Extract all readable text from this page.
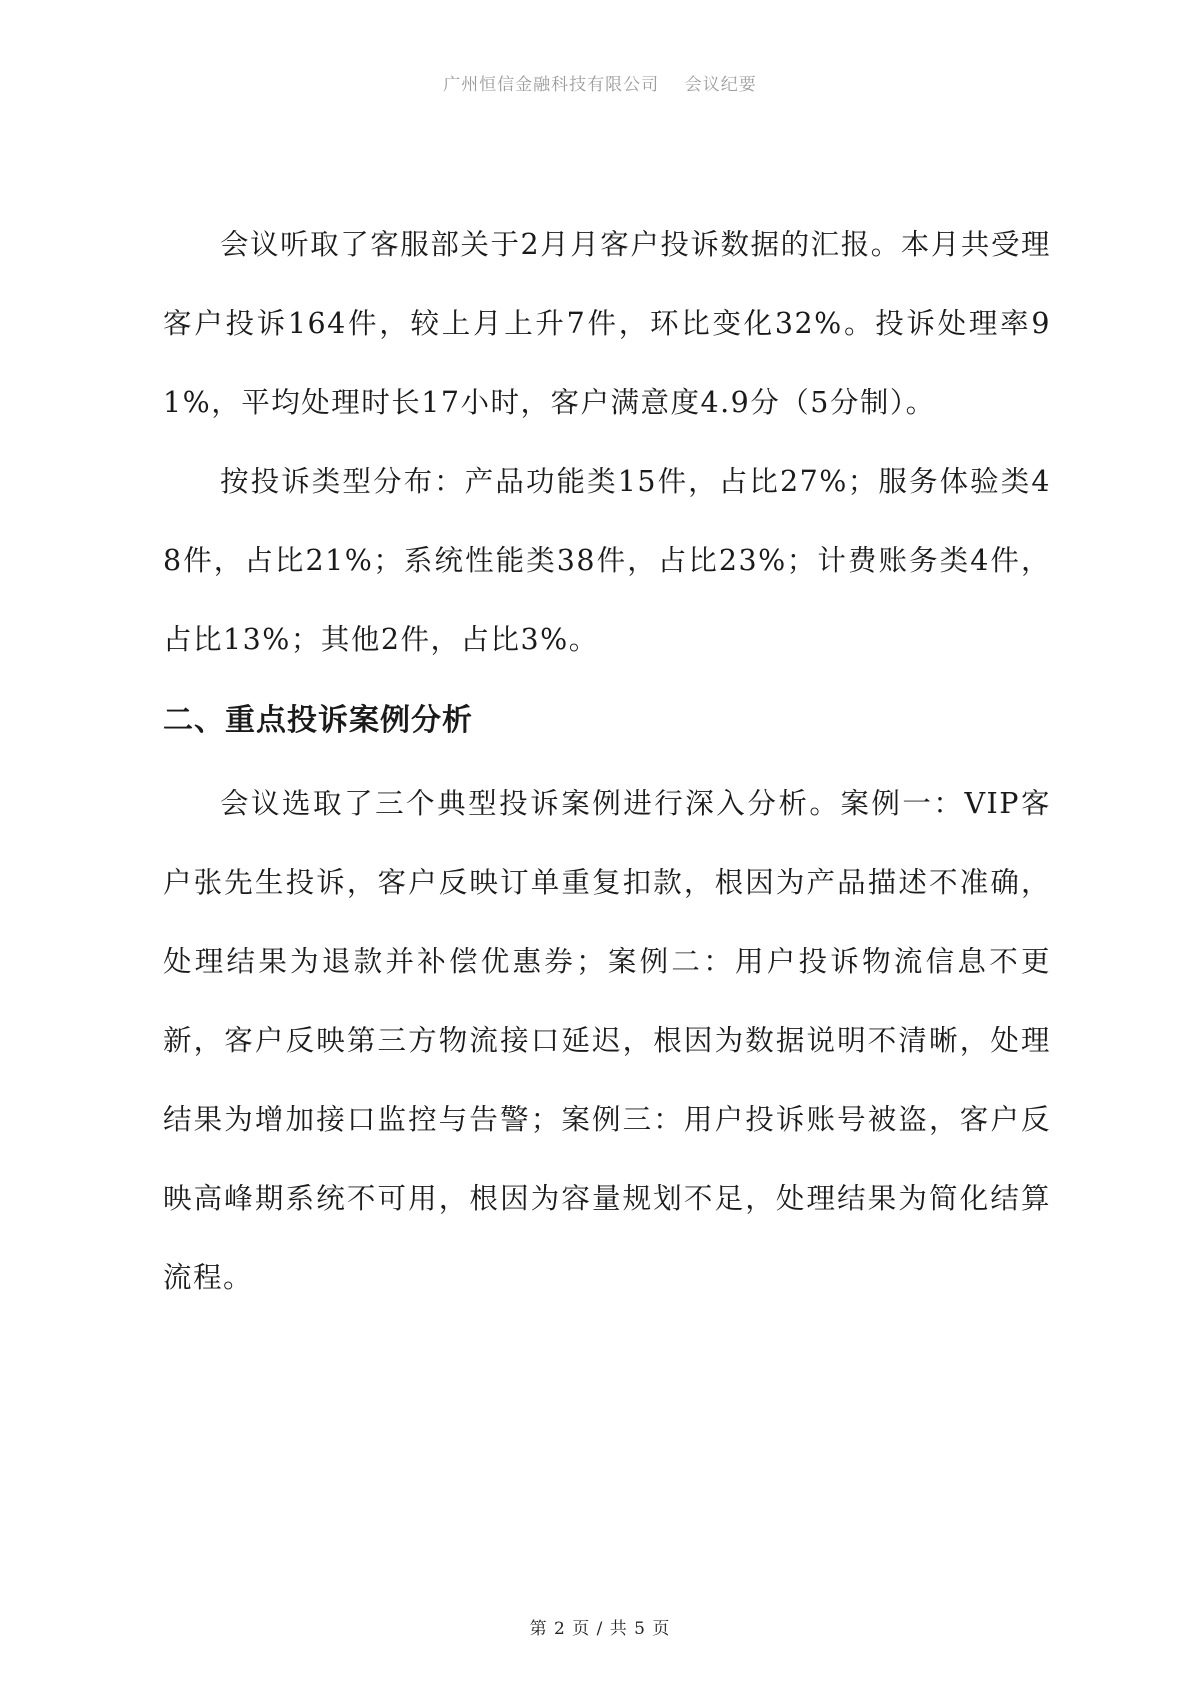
广州恒信金融科技有限公司    会议纪要

会议听取了客服部关于2月月客户投诉数据的汇报。本月共受理客户投诉164件，较上月上升7件，环比变化32%。投诉处理率91%，平均处理时长17小时，客户满意度4.9分（5分制）。

按投诉类型分布：产品功能类15件，占比27%；服务体验类48件，占比21%；系统性能类38件，占比23%；计费账务类4件，占比13%；其他2件，占比3%。

二、重点投诉案例分析

会议选取了三个典型投诉案例进行深入分析。案例一：VIP客户张先生投诉，客户反映订单重复扣款，根因为产品描述不准确，处理结果为退款并补偿优惠券；案例二：用户投诉物流信息不更新，客户反映第三方物流接口延迟，根因为数据说明不清晰，处理结果为增加接口监控与告警；案例三：用户投诉账号被盗，客户反映高峰期系统不可用，根因为容量规划不足，处理结果为简化结算流程。

第 2 页 / 共 5 页
